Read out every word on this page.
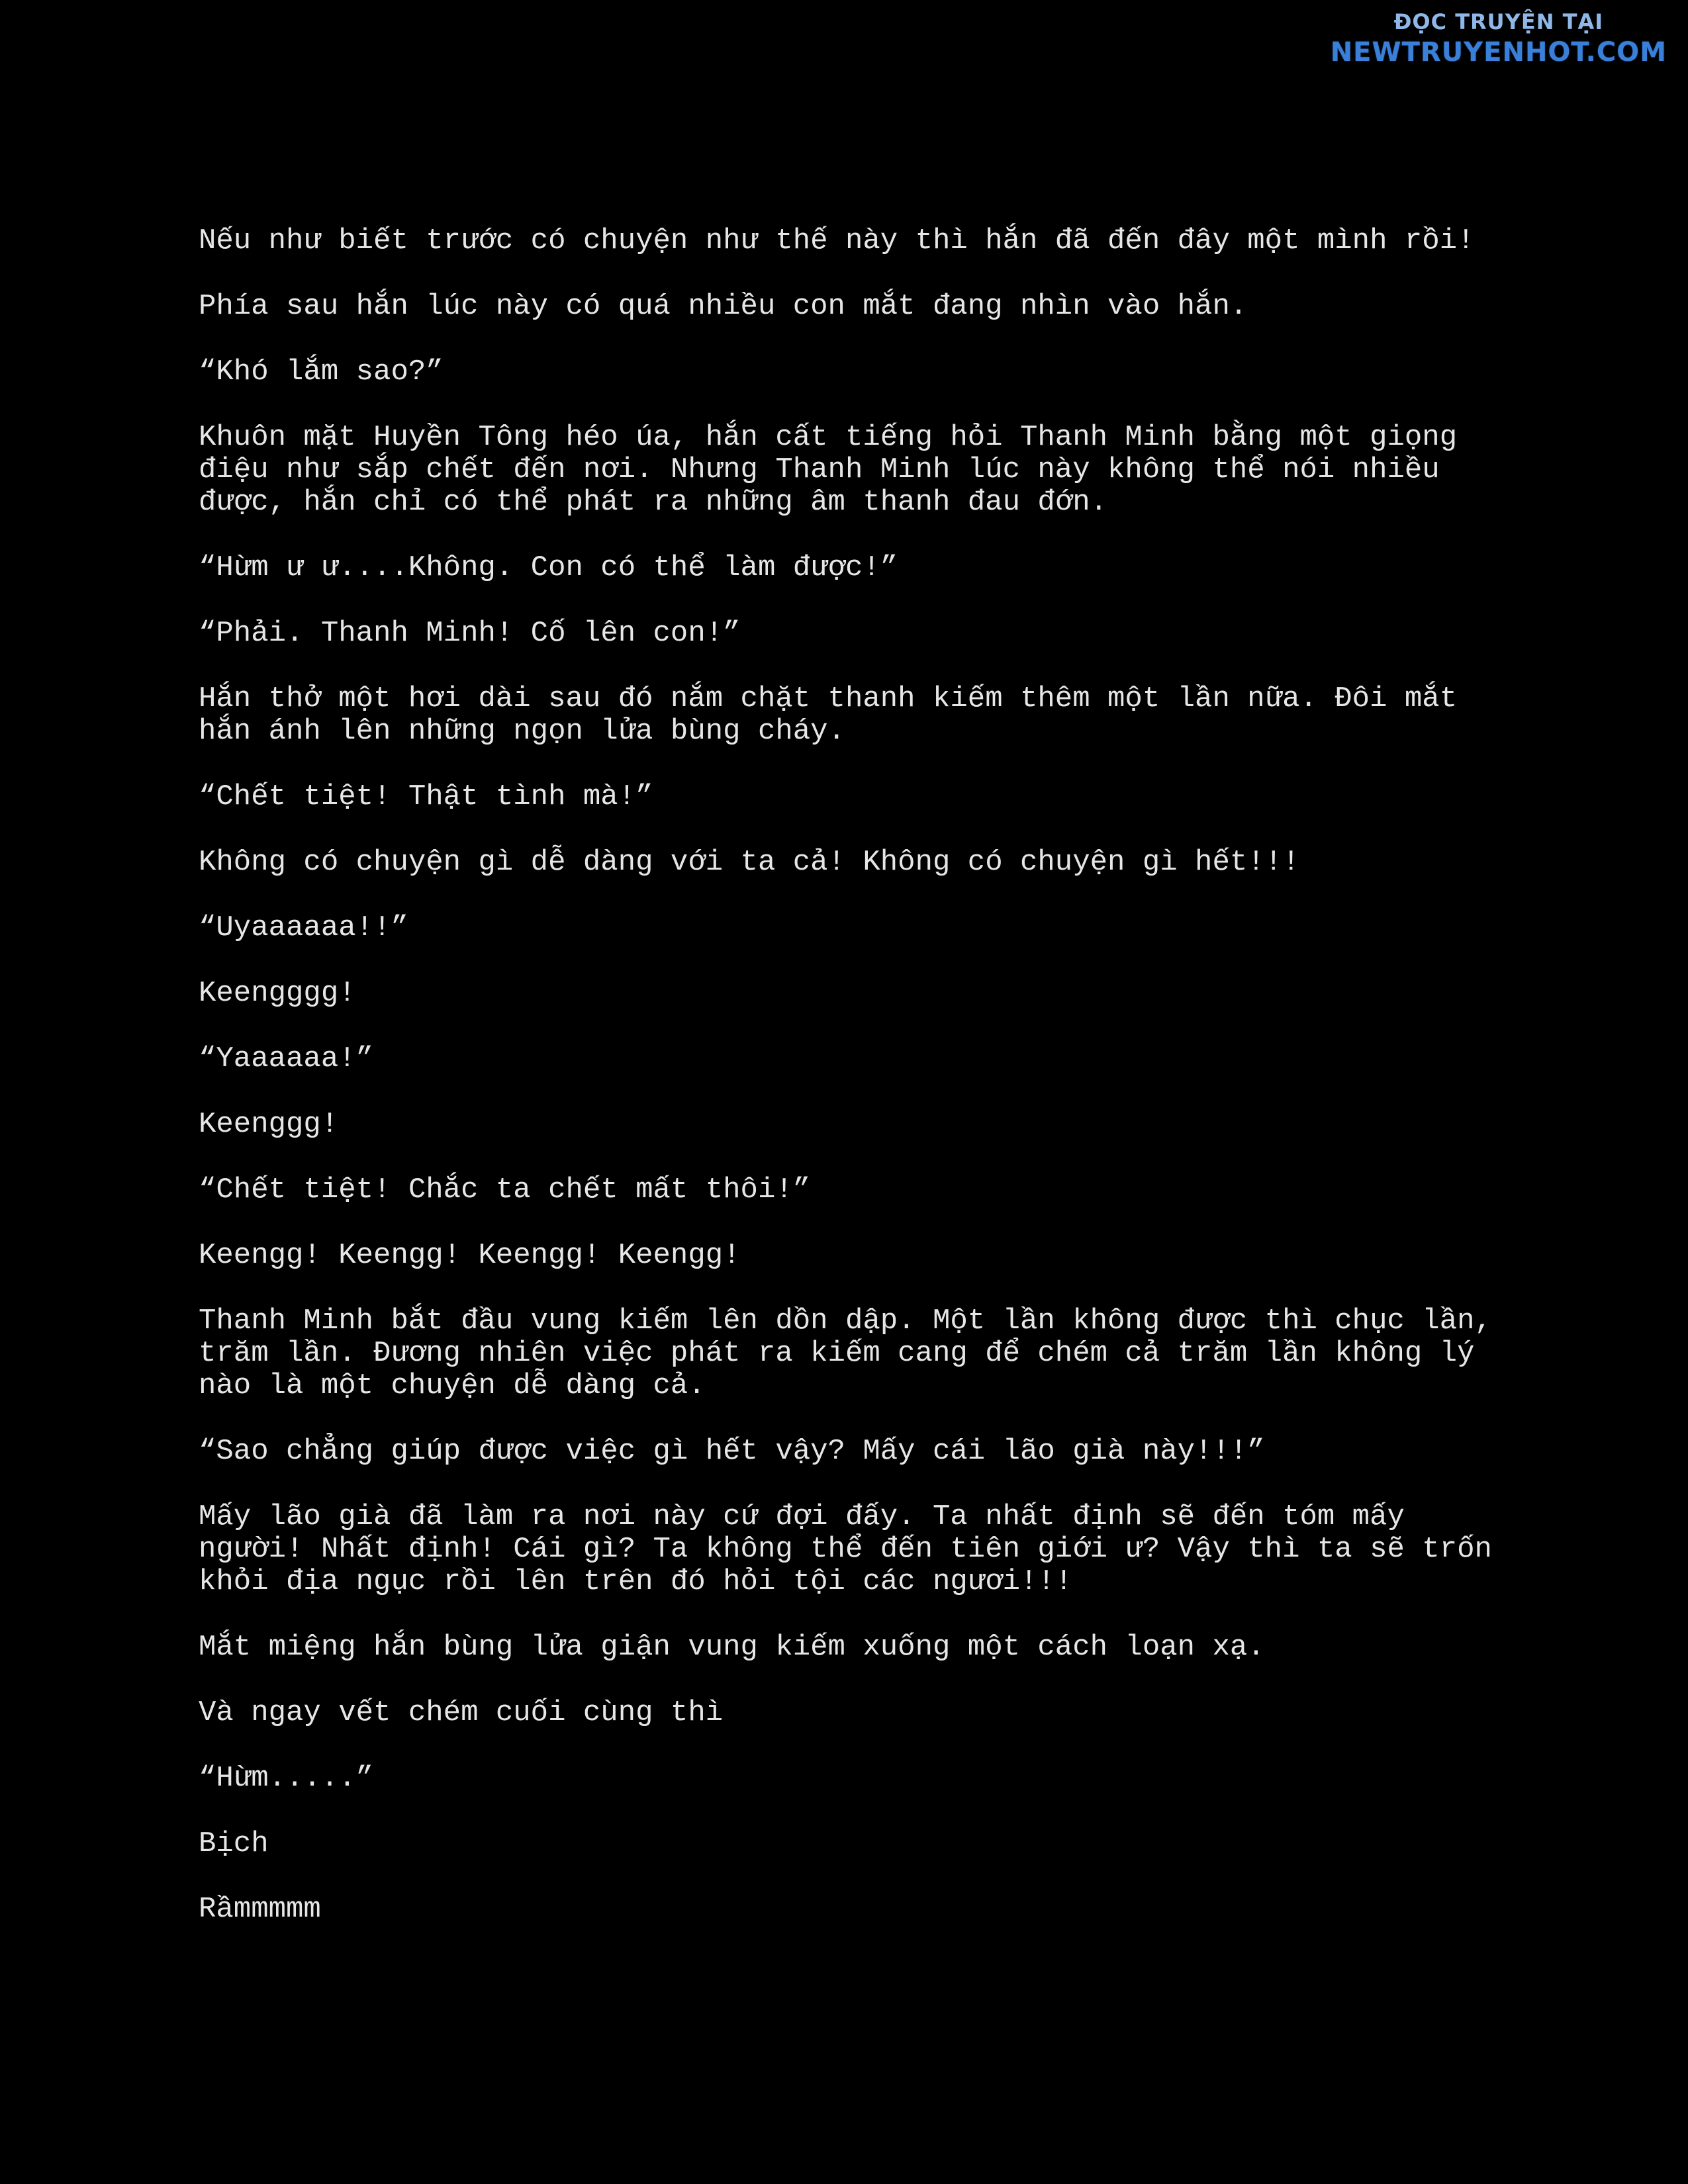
ĐỌC TRUYỆN TẠI
NEWTRUYENHOT.COM

Nếu như biết trước có chuyện như thế này thì hắn đã đến đây một mình rồi!

Phía sau hắn lúc này có quá nhiều con mắt đang nhìn vào hắn.

“Khó lắm sao?”

Khuôn mặt Huyền Tông héo úa, hắn cất tiếng hỏi Thanh Minh bằng một giọng
điệu như sắp chết đến nơi. Nhưng Thanh Minh lúc này không thể nói nhiều
được, hắn chỉ có thể phát ra những âm thanh đau đớn.

“Hừm ư ư....Không. Con có thể làm được!”

“Phải. Thanh Minh! Cố lên con!”

Hắn thở một hơi dài sau đó nắm chặt thanh kiếm thêm một lần nữa. Đôi mắt
hắn ánh lên những ngọn lửa bùng cháy.

“Chết tiệt! Thật tình mà!”

Không có chuyện gì dễ dàng với ta cả! Không có chuyện gì hết!!!

“Uyaaaaaa!!”

Keengggg!

“Yaaaaaa!”

Keenggg!

“Chết tiệt! Chắc ta chết mất thôi!”

Keengg! Keengg! Keengg! Keengg!

Thanh Minh bắt đầu vung kiếm lên dồn dập. Một lần không được thì chục lần,
trăm lần. Đương nhiên việc phát ra kiếm cang để chém cả trăm lần không lý
nào là một chuyện dễ dàng cả.

“Sao chẳng giúp được việc gì hết vậy? Mấy cái lão già này!!!”

Mấy lão già đã làm ra nơi này cứ đợi đấy. Ta nhất định sẽ đến tóm mấy
người! Nhất định! Cái gì? Ta không thể đến tiên giới ư? Vậy thì ta sẽ trốn
khỏi địa ngục rồi lên trên đó hỏi tội các ngươi!!!

Mắt miệng hắn bùng lửa giận vung kiếm xuống một cách loạn xạ.

Và ngay vết chém cuối cùng thì

“Hừm.....”

Bịch

Rầmmmmm
